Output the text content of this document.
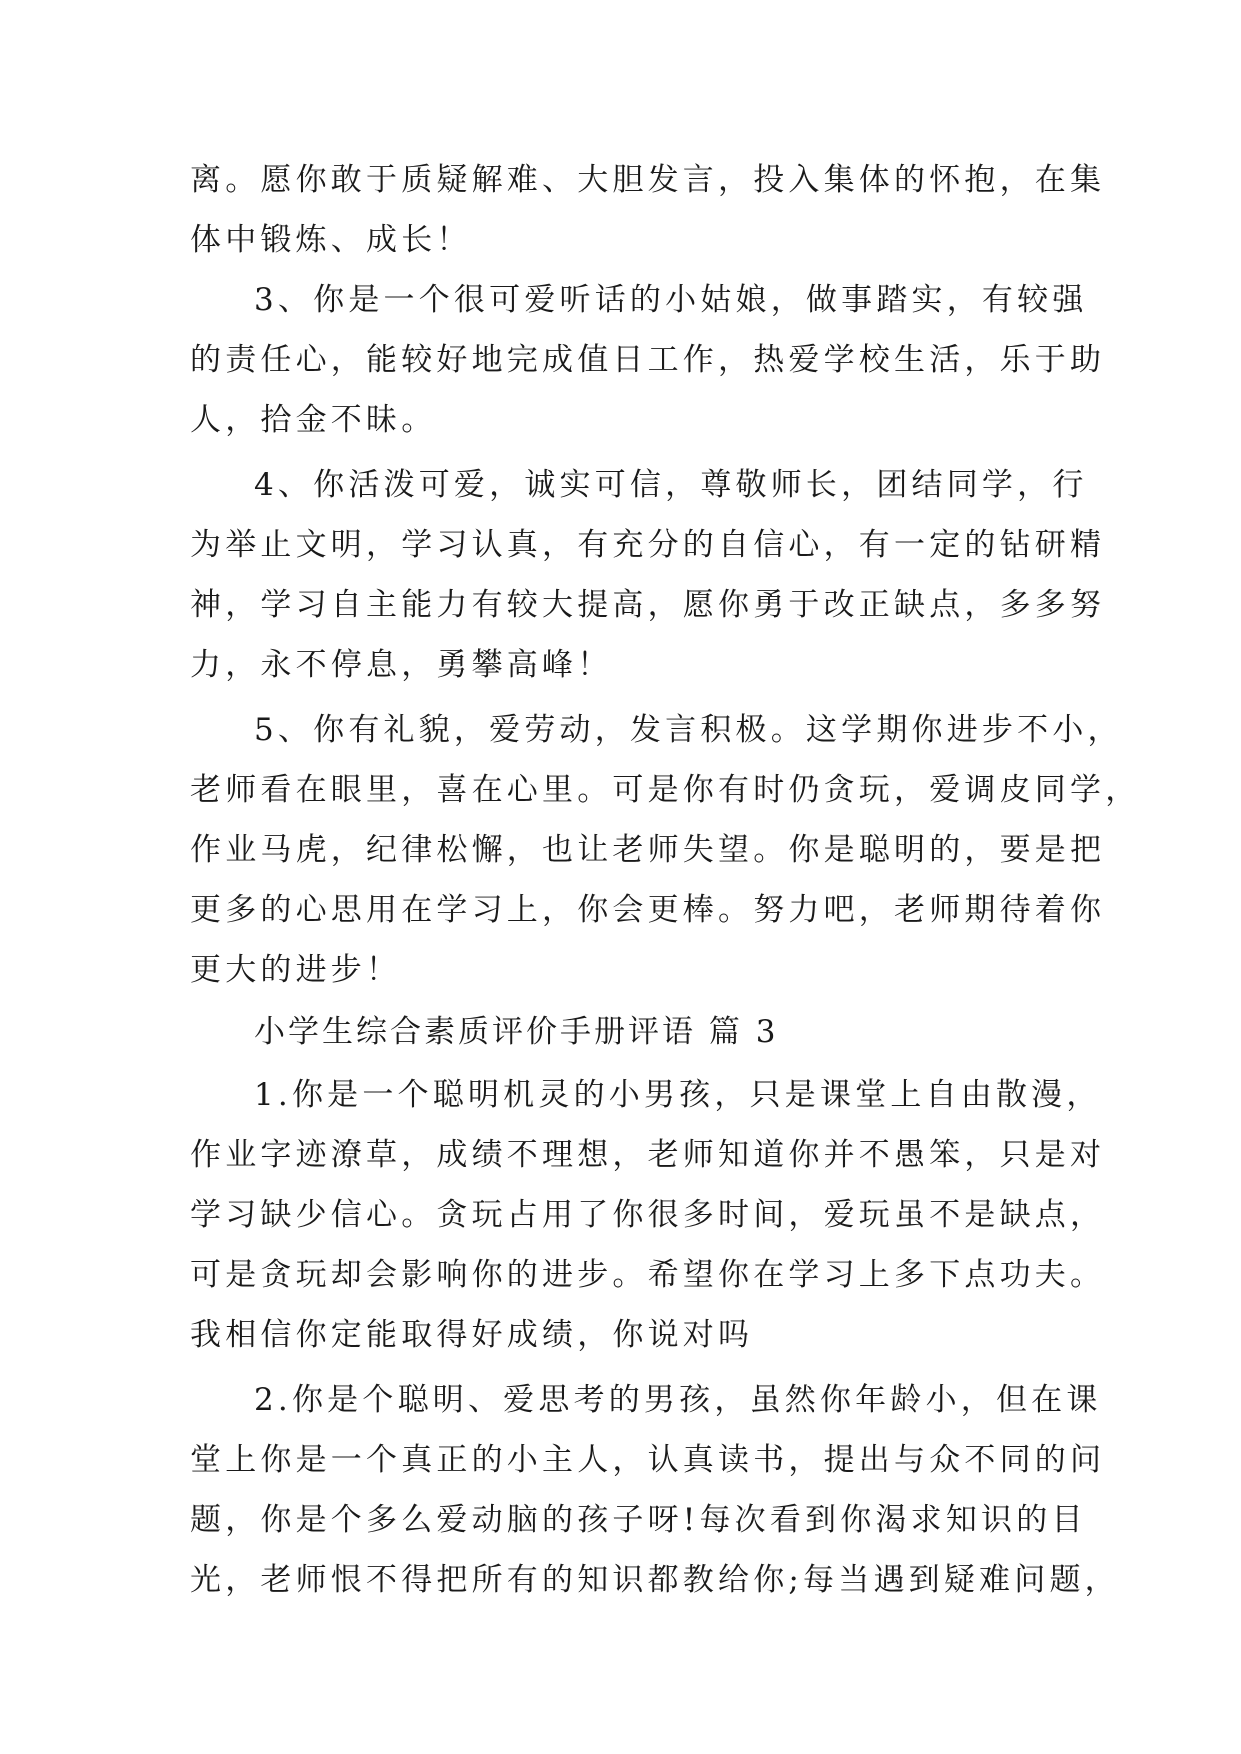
离。愿你敢于质疑解难、大胆发言，投入集体的怀抱，在集
体中锻炼、成长！
3、你是一个很可爱听话的小姑娘，做事踏实，有较强
的责任心，能较好地完成值日工作，热爱学校生活，乐于助
人，拾金不昧。
4、你活泼可爱，诚实可信，尊敬师长，团结同学，行
为举止文明，学习认真，有充分的自信心，有一定的钻研精
神，学习自主能力有较大提高，愿你勇于改正缺点，多多努
力，永不停息，勇攀高峰！
5、你有礼貌，爱劳动，发言积极。这学期你进步不小，
老师看在眼里，喜在心里。可是你有时仍贪玩，爱调皮同学，
作业马虎，纪律松懈，也让老师失望。你是聪明的，要是把
更多的心思用在学习上，你会更棒。努力吧，老师期待着你
更大的进步！
小学生综合素质评价手册评语 篇 3
1.你是一个聪明机灵的小男孩，只是课堂上自由散漫，
作业字迹潦草，成绩不理想，老师知道你并不愚笨，只是对
学习缺少信心。贪玩占用了你很多时间，爱玩虽不是缺点，
可是贪玩却会影响你的进步。希望你在学习上多下点功夫。
我相信你定能取得好成绩，你说对吗
2.你是个聪明、爱思考的男孩，虽然你年龄小，但在课
堂上你是一个真正的小主人，认真读书，提出与众不同的问
题，你是个多么爱动脑的孩子呀!每次看到你渴求知识的目
光，老师恨不得把所有的知识都教给你;每当遇到疑难问题，
